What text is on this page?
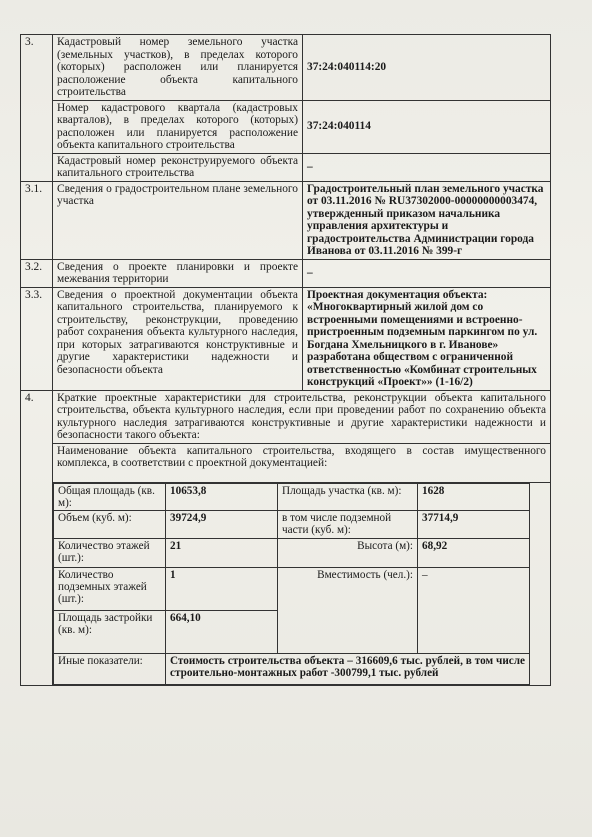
3.	Кадастровый номер земельного участка (земельных участков), в пределах которого (которых) расположен или планируется расположение объекта капитального строительства	37:24:040114:20
Номер кадастрового квартала (кадастровых кварталов), в пределах которого (которых) расположен или планируется расположение объекта капитального строительства	37:24:040114
Кадастровый номер реконструируемого объекта капитального строительства	–
3.1.	Сведения о градостроительном плане земельного участка	Градостроительный план земельного участка от 03.11.2016 № RU37302000-00000000003474, утвержденный приказом начальника управления архитектуры и градостроительства Администрации города Иванова от 03.11.2016 № 399-г
3.2.	Сведения о проекте планировки и проекте межевания территории	–
3.3.	Сведения о проектной документации объекта капитального строительства, планируемого к строительству, реконструкции, проведению работ сохранения объекта культурного наследия, при которых затрагиваются конструктивные и другие характеристики надежности и безопасности объекта	Проектная документация объекта: «Многоквартирный жилой дом со встроенными помещениями и встроенно-пристроенным подземным паркингом по ул. Богдана Хмельницкого в г. Иванове» разработана обществом с ограниченной ответственностью «Комбинат строительных конструкций «Проект»» (1-16/2)
4.	Краткие проектные характеристики для строительства, реконструкции объекта капитального строительства, объекта культурного наследия, если при проведении работ по сохранению объекта культурного наследия затрагиваются конструктивные и другие характеристики надежности и безопасности такого объекта:
Наименование объекта капитального строительства, входящего в состав имущественного комплекса, в соответствии с проектной документацией:
Общая площадь (кв. м):	10653,8	Площадь участка (кв. м):	1628
Объем (куб. м):	39724,9	в том числе подземной части (куб. м):	37714,9
Количество этажей (шт.):	21	Высота (м):	68,92
Количество подземных этажей (шт.):	1	Вместимость (чел.):	–
Площадь застройки (кв. м):	664,10
Иные показатели:	Стоимость строительства объекта – 316609,6 тыс. рублей, в том числе строительно-монтажных работ -300799,1 тыс. рублей
